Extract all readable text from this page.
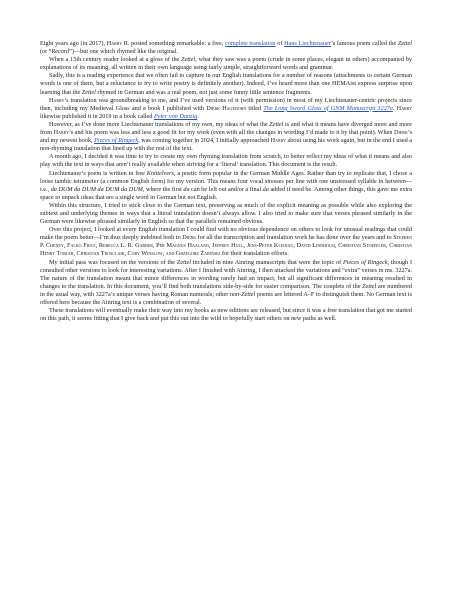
Eight years ago (in 2017), Harry R. posted something remarkable: a free, complete translation of Hans Liechtenauer’s famous poem called the Zettel (or “Record”)—but one which rhymed like the original.

When a 15th century reader looked at a gloss of the Zettel, what they saw was a poem (crude in some places, elegant in others) accompanied by explanations of its meaning, all written in their own language using fairly simple, straightforward words and grammar.

Sadly, this is a reading experience that we often fail to capture in our English translations for a number of reasons (attachments to certain German words is one of them, but a reluctance to try to write poetry is definitely another). Indeed, I’ve heard more than one HEMAist express surprise upon learning that the Zettel rhymed in German and was a real poem, not just some funny little sentence fragments.

Harry’s translation was groundbreaking to me, and I’ve used versions of it (with permission) in most of my Liechtenauer-centric projects since then, including my Medieval Gloss and a book I published with Dierk Hagedorn titled The Long Sword Gloss of GNM Manuscript 3227a. Harry likewise published it in 2019 in a book called Peter von Danzig.

However, as I’ve done more Liechtenauer translations of my own, my ideas of what the Zettel is and what it means have diverged more and more from Harry’s and his poem was less and less a good fit for my work (even with all the changes in wording I’d made to it by that point). When Dierk’s and my newest book, Pieces of Ringeck, was coming together in 2024, I initially approached Harry about using his work again, but in the end I used a non-rhyming translation that lined up with the rest of the text.

A month ago, I decided it was time to try to create my own rhyming translation from scratch, to better reflect my ideas of what it means and also play with the text in ways that aren’t really available when striving for a ‘literal’ translation. This document is the result.

Liechtenauer’s poem is written in free Knittelvers, a poetic form popular in the German Middle Ages. Rather than try to replicate that, I chose a loose iambic tetrameter (a common English form) for my version. This means four vocal stresses per line with one unstressed syllable in between—i.e., da DUM da DUM da DUM da DUM, where the first da can be left out and/or a final da added if need be. Among other things, this gave me extra space to unpack ideas that are a single word in German but not English.

Within this structure, I tried to stick close to the German text, preserving as much of the explicit meaning as possible while also exploring the subtext and underlying themes in ways that a literal translation doesn’t always allow. I also tried to make sure that verses phrased similarly in the German were likewise phrased similarly in English so that the parallels remained obvious.

Over this project, I looked at every English translation I could find with no obvious dependence on others to look for unusual readings that could make the poem better—I’m thus deeply indebted both to Dierk for all the transcription and translation work he has done over the years and to Stephen P. Cheney, Falko Fritz, Rebecca L. R. Garber, Per Magnus Haaland, Jeffrey Hull, Jens-Peter Kleinau, David Lindholm, Christian Stoeffler, Christian Henry Tobler, Christian Trosclair, Cory Winslow, and Grzegorz Żabiński for their translation efforts.

My initial pass was focused on the versions of the Zettel included in nine Ainring manuscripts that were the topic of Pieces of Ringeck, though I consulted other versions to look for interesting variations. After I finished with Ainring, I then attacked the variations and “extra” verses in ms. 3227a. The nature of the translation meant that minor differences in wording rarely had an impact, but all significant differences in meaning resulted in changes to the translation. In this document, you’ll find both translations side-by-side for easier comparison. The couplets of the Zettel are numbered in the usual way, with 3227a’s unique verses having Roman numerals; other non-Zettel poems are lettered A–F to distinguish them. No German text is offered here because the Ainring text is a combination of several.

These translations will eventually make their way into my books as new editions are released, but since it was a free translation that got me started on this path, it seems fitting that I give back and put this out into the wild to hopefully start others on new paths as well.
